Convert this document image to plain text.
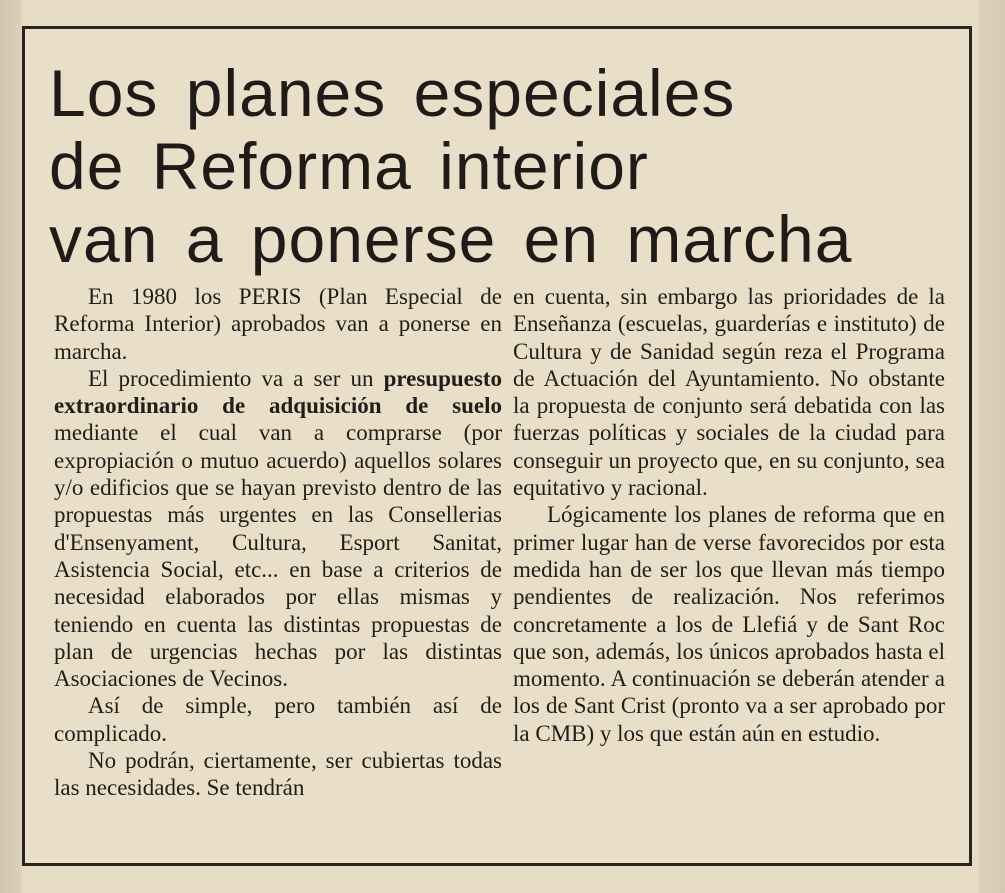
Los planes especiales
de Reforma interior
van a ponerse en marcha

En 1980 los PERIS (Plan Especial de Reforma Interior) aprobados van a ponerse en marcha.

El procedimiento va a ser un presupuesto extraordinario de adquisición de suelo mediante el cual van a comprarse (por expropiación o mutuo acuerdo) aquellos solares y/o edificios que se hayan previsto dentro de las propuestas más urgentes en las Consellerias d'Ensenyament, Cultura, Esport Sanitat, Asistencia Social, etc... en base a criterios de necesidad elaborados por ellas mismas y teniendo en cuenta las distintas propuestas de plan de urgencias hechas por las distintas Asociaciones de Vecinos.

Así de simple, pero también así de complicado.

No podrán, ciertamente, ser cubiertas todas las necesidades. Se tendrán

en cuenta, sin embargo las prioridades de la Enseñanza (escuelas, guarderías e instituto) de Cultura y de Sanidad según reza el Programa de Actuación del Ayuntamiento. No obstante la propuesta de conjunto será debatida con las fuerzas políticas y sociales de la ciudad para conseguir un proyecto que, en su conjunto, sea equitativo y racional.

Lógicamente los planes de reforma que en primer lugar han de verse favorecidos por esta medida han de ser los que llevan más tiempo pendientes de realización. Nos referimos concretamente a los de Llefiá y de Sant Roc que son, además, los únicos aprobados hasta el momento. A continuación se deberán atender a los de Sant Crist (pronto va a ser aprobado por la CMB) y los que están aún en estudio.
